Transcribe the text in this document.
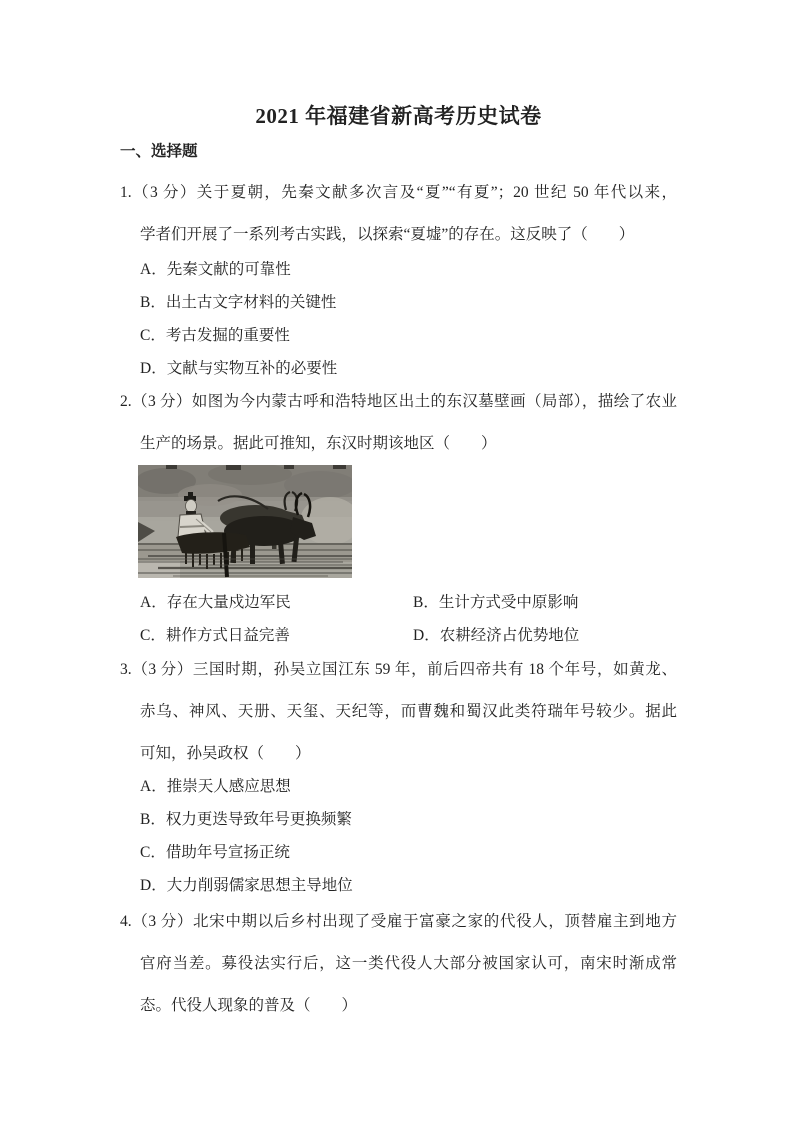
2021 年福建省新高考历史试卷
一、选择题
1.（3 分）关于夏朝，先秦文献多次言及“夏”“有夏”；20 世纪 50 年代以来，
学者们开展了一系列考古实践，以探索“夏墟”的存在。这反映了（　　）
A．先秦文献的可靠性
B．出土古文字材料的关键性
C．考古发掘的重要性
D．文献与实物互补的必要性
2.（3 分）如图为今内蒙古呼和浩特地区出土的东汉墓壁画（局部），描绘了农业
生产的场景。据此可推知，东汉时期该地区（　　）
A．存在大量戍边军民	B．生计方式受中原影响
C．耕作方式日益完善	D．农耕经济占优势地位
3.（3 分）三国时期，孙吴立国江东 59 年，前后四帝共有 18 个年号，如黄龙、
赤乌、神风、天册、天玺、天纪等，而曹魏和蜀汉此类符瑞年号较少。据此
可知，孙吴政权（　　）
A．推崇天人感应思想
B．权力更迭导致年号更换频繁
C．借助年号宣扬正统
D．大力削弱儒家思想主导地位
4.（3 分）北宋中期以后乡村出现了受雇于富豪之家的代役人，顶替雇主到地方
官府当差。募役法实行后，这一类代役人大部分被国家认可，南宋时渐成常
态。代役人现象的普及（　　）
